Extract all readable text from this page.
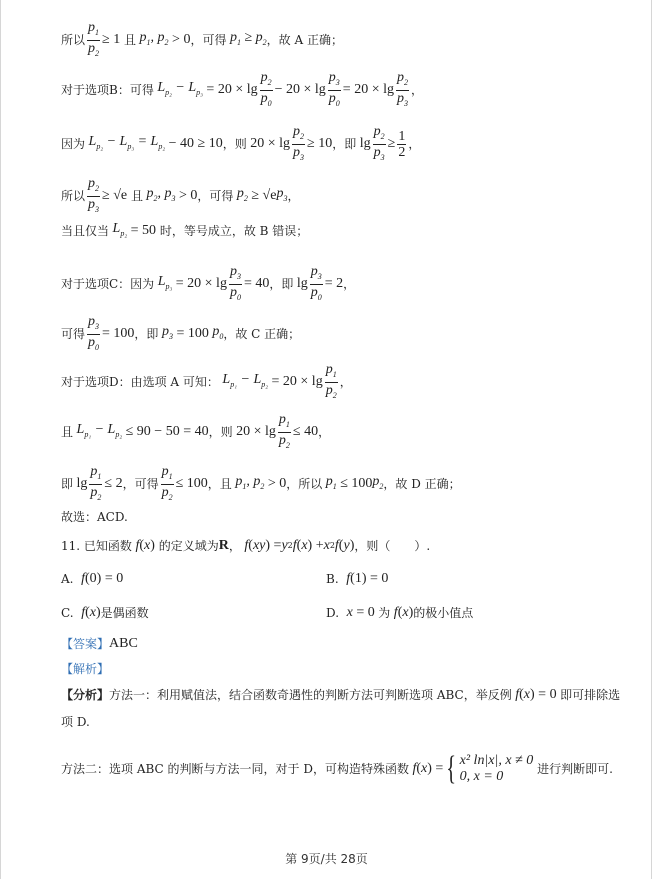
所以 $\frac{p_1}{p_2} \ge 1$
且 $p_1$, $p_2 > 0$ ，可得 $p_1 \ge p_2$ ，故 A 正确；
对于选项B：可得 $L_{p_2} - L_{p_3} = 20 \times \lg \frac{p_2}{p_0} - 20 \times \lg \frac{p_3}{p_0} = 20 \times \lg \frac{p_2}{p_3}$ ，
因为 $L_{p_2} - L_{p_3} = L_{p_2} - 40 \ge 10$ ，则 $20 \times \lg \frac{p_2}{p_3} \ge 10$ ，即 $\lg \frac{p_2}{p_3} \ge \frac{1}{2}$ ，
所以 $\frac{p_2}{p_3} \ge √e$
且 $p_2$, $p_3 > 0$ ，可得 $p_2 \ge √e$ $p_3$ ，
当且仅当 $L_{p_2} = 50$
时，等号成立，故 B 错误；
对于选项C：因为 $L_{p_3} = 20 \times \lg \frac{p_3}{p_0} = 40$ ，即 $\lg \frac{p_3}{p_0} = 2$ ，
可得 $\frac{p_3}{p_0} = 100$ ，即 $p_3 = 100$ $p_0$ ，故 C 正确；
对于选项D：由选项 A 可知： $L_{p_1} - L_{p_2} = 20 \times \lg \frac{p_1}{p_2}$ ，
且 $L_{p_1} - L_{p_2} \le 90 - 50 = 40$ ，则 $20 \times \lg \frac{p_1}{p_2} \le 40$ ，
即 $\lg \frac{p_1}{p_2} \le 2$ ，可得 $\frac{p_1}{p_2} \le 100$ ，且 $p_1$, $p_2 > 0$ ，所以 $p_1 \le 100$ $p_2$ ，故 D 正确；
故选：ACD.
11.
已知函数 f ( x )
的定义域为 R ， f ( xy ) = y 2 f ( x ) + x 2 f ( y ) ，则（　　）.
A.
f (0) = 0	B.
f (1) = 0
C.
f ( x ) 是偶函数	D.
x = 0 为 f ( x ) 的极小值点
【答案】 ABC
【解析】
【分析】 方法一：利用赋值法，结合函数奇遇性的判断方法可判断选项 ABC，举反例 f ( x ) = 0 即可排除选
项 D.
方法二：选项 ABC 的判断与方法一同，对于 D，可构造特殊函数 f ( x ) = { x² ln|x|, x ≠ 0
0, x = 0
	进行判断即可.
第 9页/共 28页
